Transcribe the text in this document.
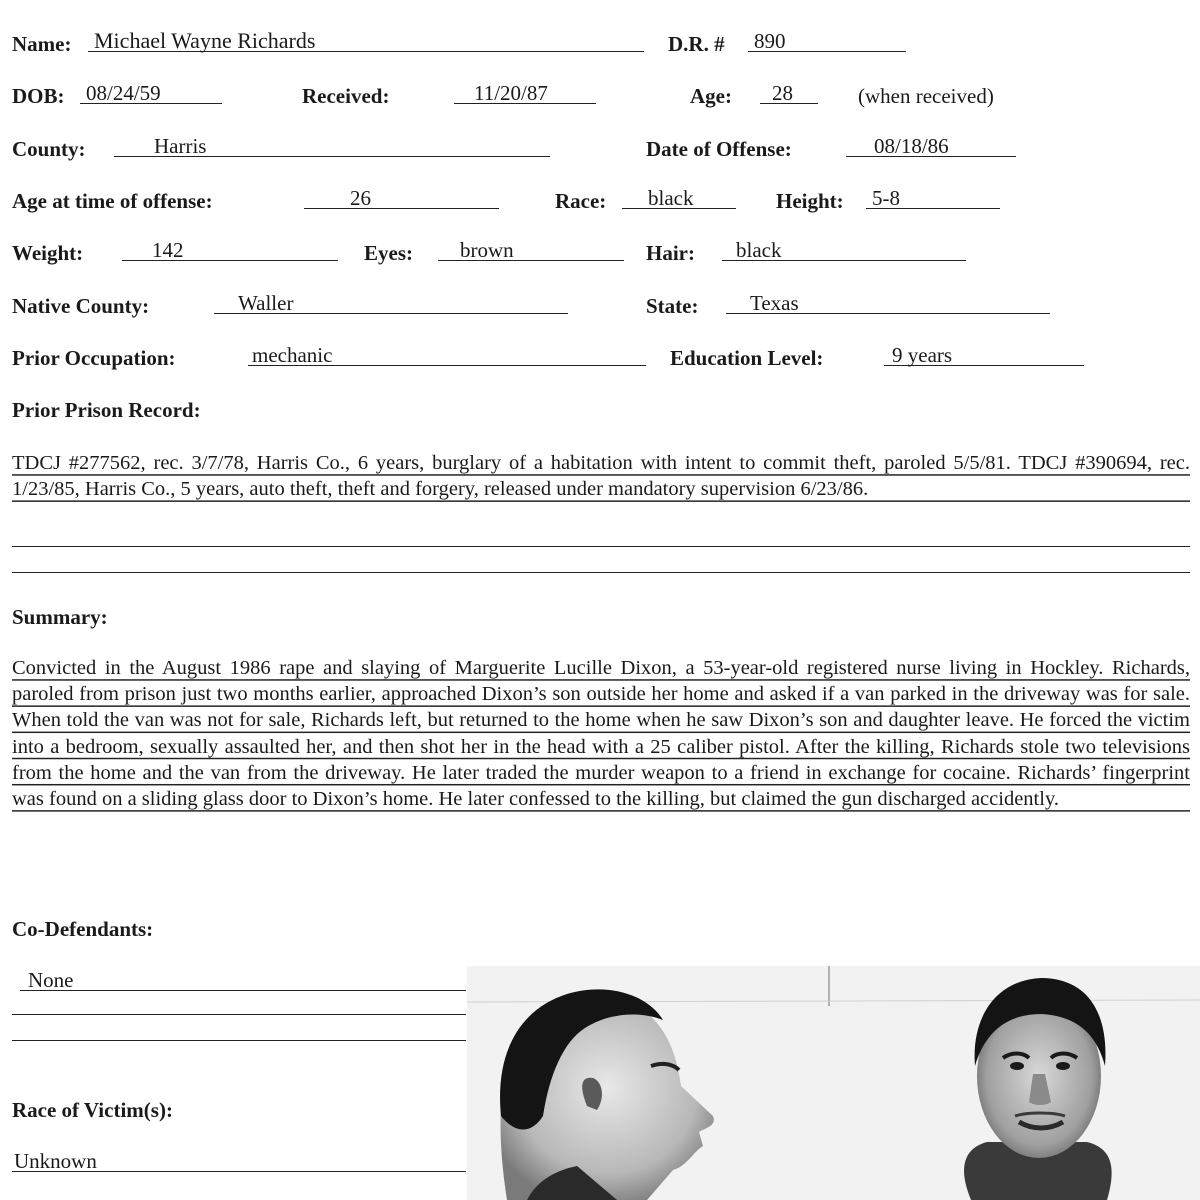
Name: Michael Wayne Richards	D.R. # 890
DOB: 08/24/59	Received:	11/20/87	Age:	28	(when received)
County:	Harris	Date of Offense:	08/18/86
Age at time of offense:	26	Race:	black	Height: 5-8
Weight:	142	Eyes:	brown	Hair:	black
Native County:	Waller	State:	Texas
Prior Occupation:	mechanic	Education Level:	9 years
Prior Prison Record:
TDCJ #277562, rec. 3/7/78, Harris Co., 6 years, burglary of a habitation with intent to commit theft, paroled 5/5/81. TDCJ #390694, rec. 1/23/85, Harris Co., 5 years, auto theft, theft and forgery, released under mandatory supervision 6/23/86.
Summary:
Convicted in the August 1986 rape and slaying of Marguerite Lucille Dixon, a 53-year-old registered nurse living in Hockley. Richards, paroled from prison just two months earlier, approached Dixon’s son outside her home and asked if a van parked in the driveway was for sale. When told the van was not for sale, Richards left, but returned to the home when he saw Dixon’s son and daughter leave. He forced the victim into a bedroom, sexually assaulted her, and then shot her in the head with a 25 caliber pistol. After the killing, Richards stole two televisions from the home and the van from the driveway. He later traded the murder weapon to a friend in exchange for cocaine. Richards’ fingerprint was found on a sliding glass door to Dixon’s home. He later confessed to the killing, but claimed the gun discharged accidently.
Co-Defendants:
None
Race of Victim(s):
Unknown
